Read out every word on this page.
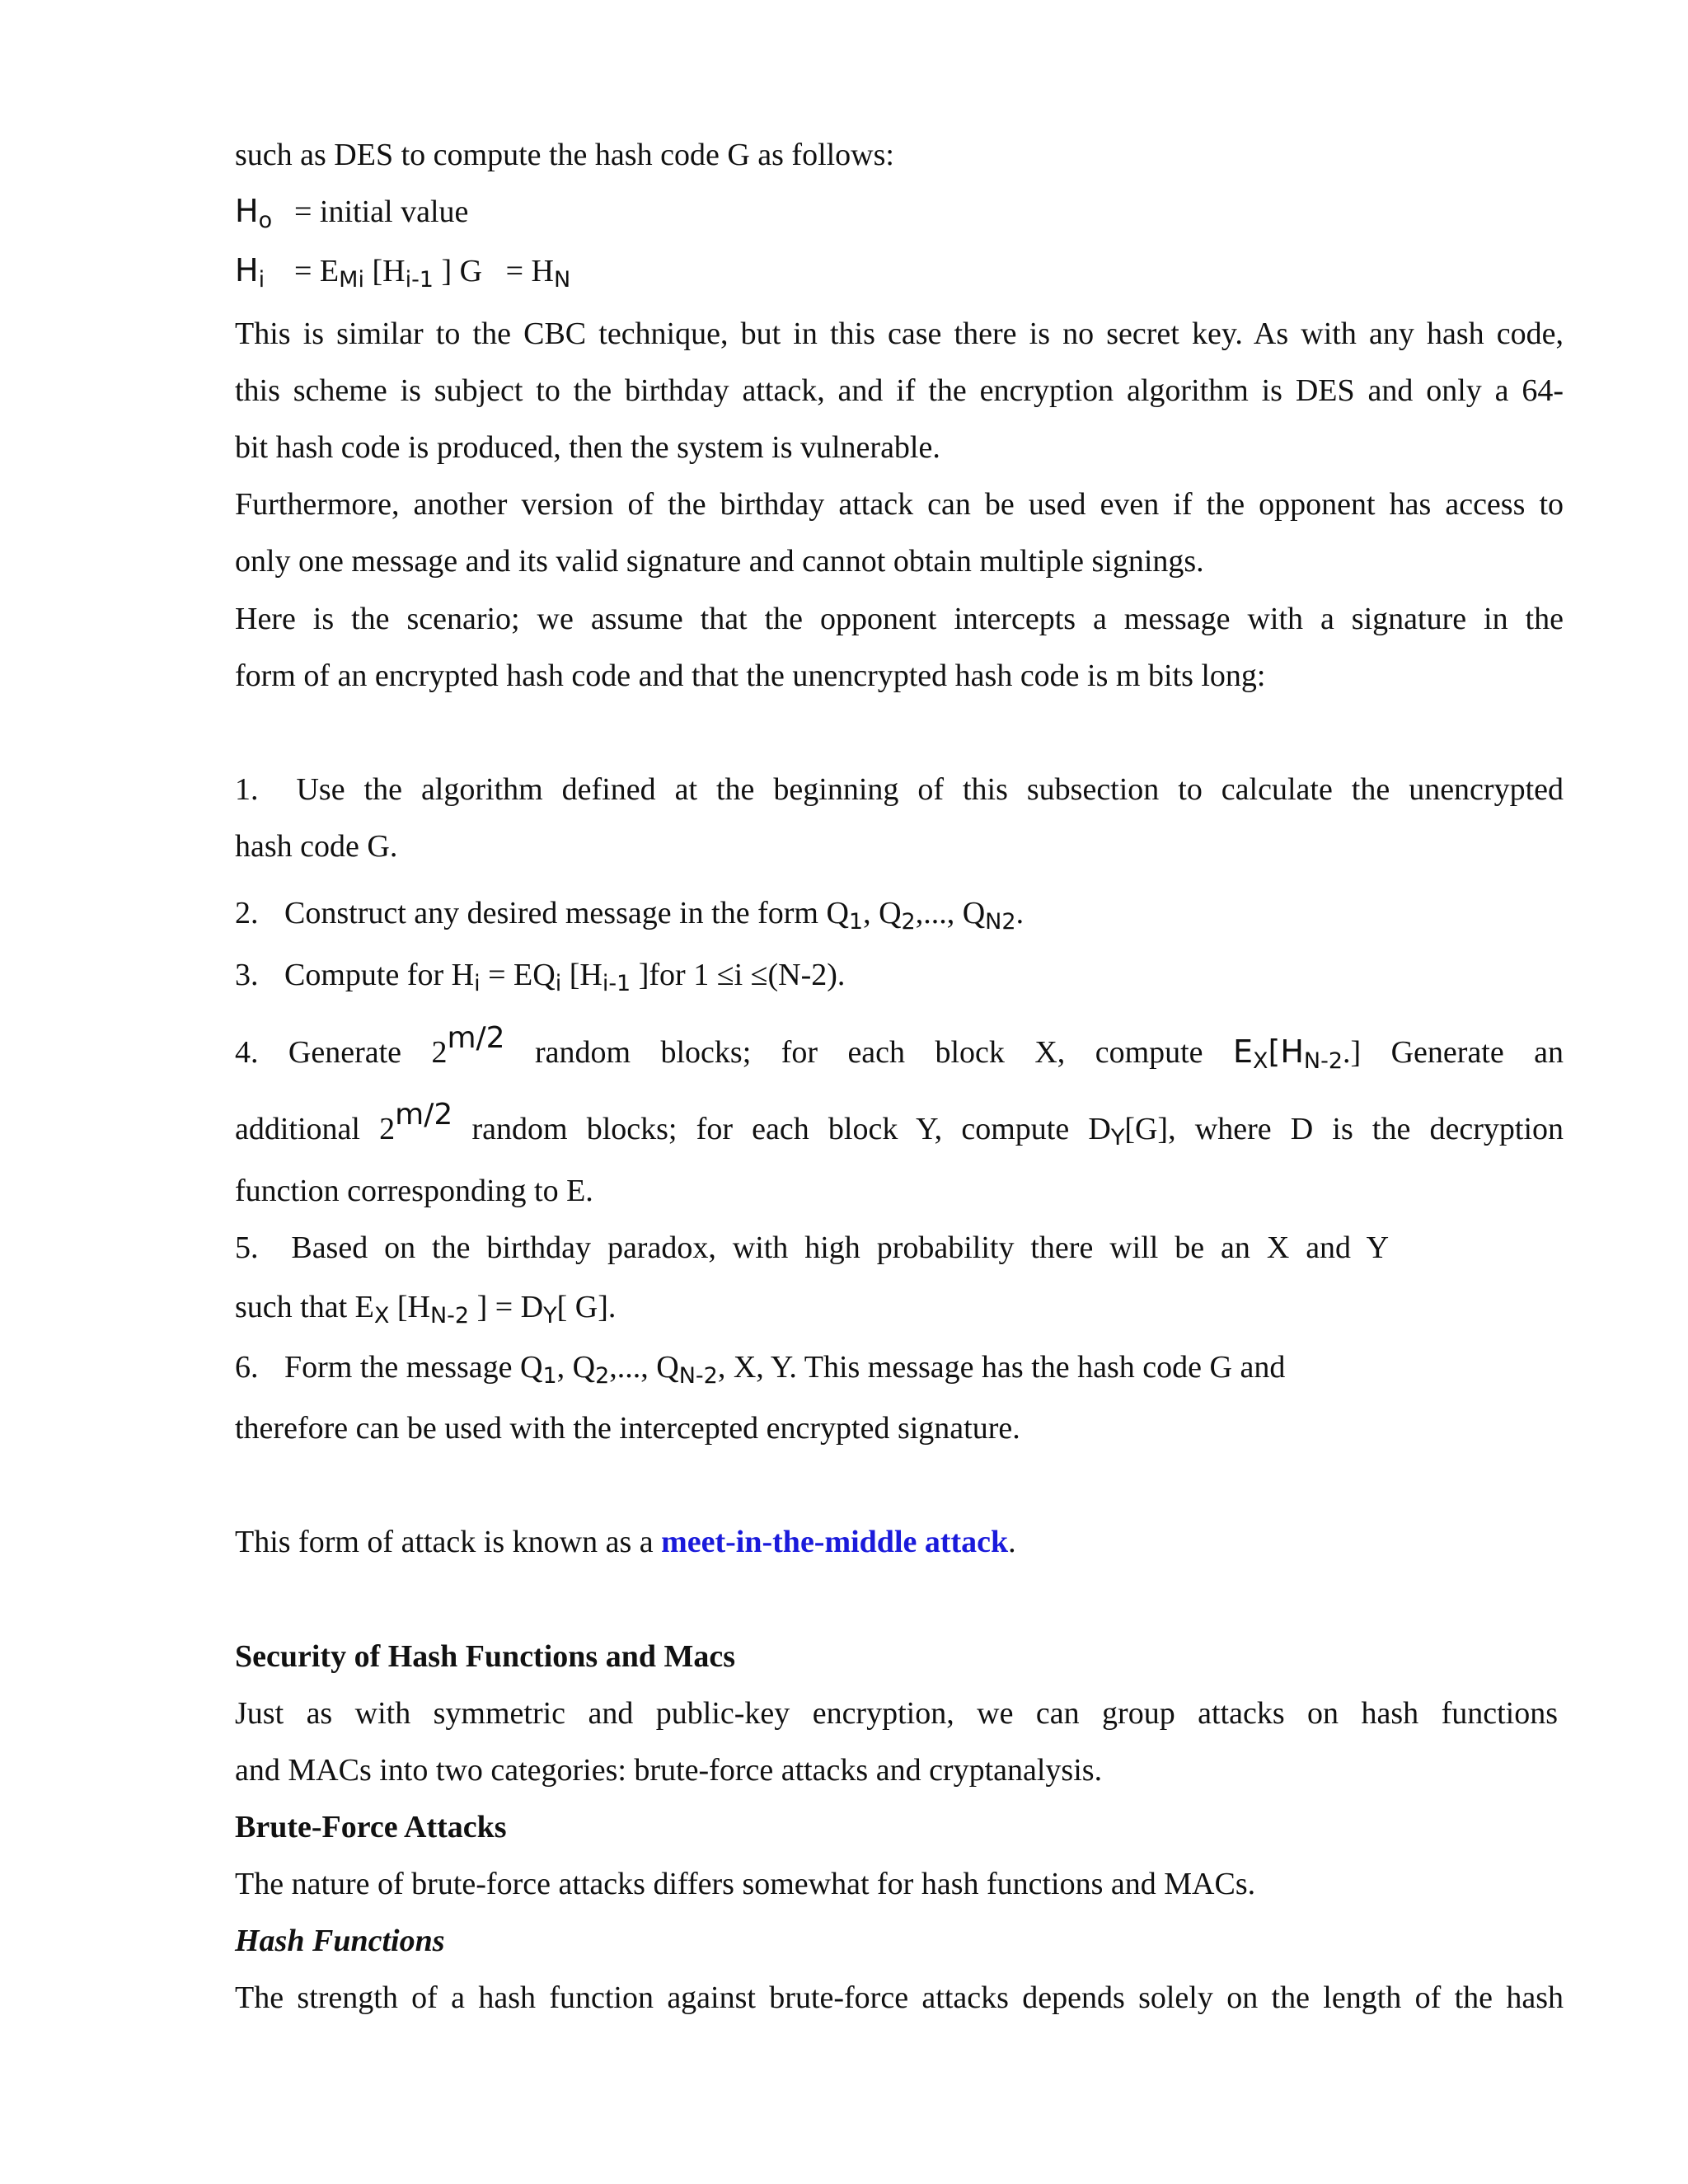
such as DES to compute the hash code G as follows:
Ho = initial value
Hi = EMi [Hi-1 ] G = HN
This is similar to the CBC technique, but in this case there is no secret key. As with any hash code,
this scheme is subject to the birthday attack, and if the encryption algorithm is DES and only a 64-
bit hash code is produced, then the system is vulnerable.
Furthermore, another version of the birthday attack can be used even if the opponent has access to
only one message and its valid signature and cannot obtain multiple signings.
Here is the scenario; we assume that the opponent intercepts a message with a signature in the
form of an encrypted hash code and that the unencrypted hash code is m bits long:
1. Use the algorithm defined at the beginning of this subsection to calculate the unencrypted
hash code G.
2. Construct any desired message in the form Q1, Q2,..., QN2.
3. Compute for Hi = EQi [Hi-1 ]for 1 ≤i ≤(N-2).
4. Generate 2m/2 random blocks; for each block X, compute EX[HN-2.] Generate an
additional 2m/2 random blocks; for each block Y, compute DY[G], where D is the decryption
function corresponding to E.
5. Based on the birthday paradox, with high probability there will be an X and Y
such that EX [HN-2 ] = DY[ G].
6. Form the message Q1, Q2,..., QN-2, X, Y. This message has the hash code G and
therefore can be used with the intercepted encrypted signature.
This form of attack is known as a meet-in-the-middle attack.
Security of Hash Functions and Macs
Just as with symmetric and public-key encryption, we can group attacks on hash functions
and MACs into two categories: brute-force attacks and cryptanalysis.
Brute-Force Attacks
The nature of brute-force attacks differs somewhat for hash functions and MACs.
Hash Functions
The strength of a hash function against brute-force attacks depends solely on the length of the hash
